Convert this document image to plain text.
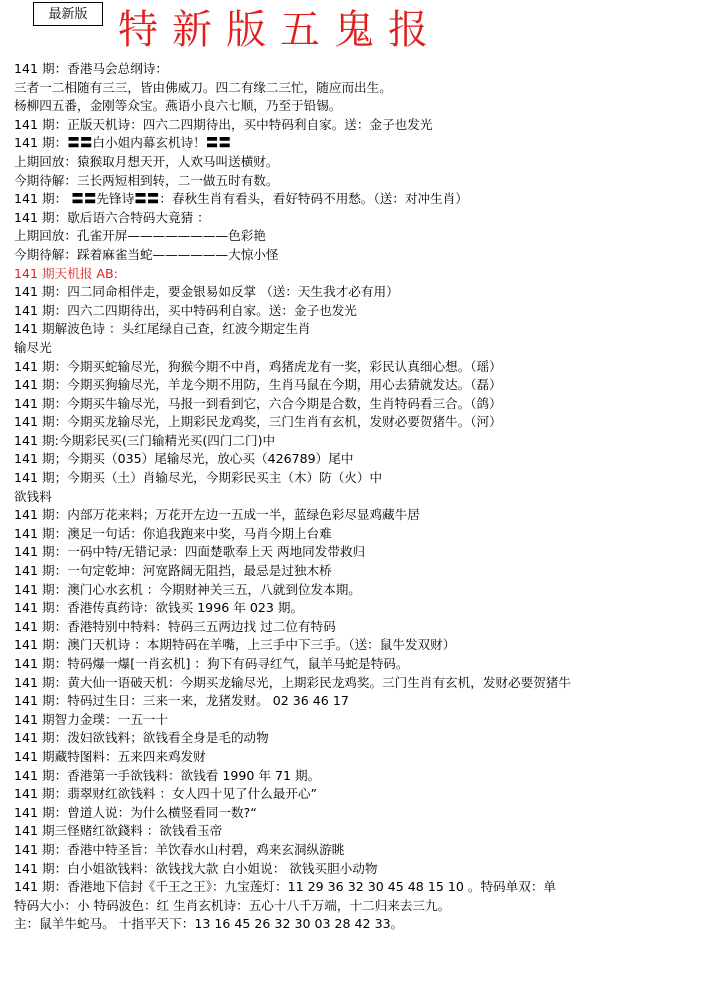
最新版 特新版五鬼报
141 期：香港马会总纲诗：
三者一二相随有三三，皆由佛威刀。四二有缘二三忙，随应而出生。
杨柳四五番，金刚等众宝。燕语小良六七顺，乃至于铅锡。
141 期：正版天机诗：四六二四期待出，买中特码利自家。送：金子也发光
141 期：〓〓白小姐内幕玄机诗！〓〓
上期回放：猿猴取月想天开，人欢马叫送横财。
今期待解：三长两短相到转，二一做五时有数。
141 期： 〓〓先锋诗〓〓：春秋生肖有看头，看好特码不用愁。（送：对冲生肖）
141 期：歇后语六合特码大竟猜 ：
上期回放：孔雀开屏————————色彩艳
今期待解：踩着麻雀当蛇——————大惊小怪
141 期天机报 AB:
141 期：四二同命相伴走，要金银易如反掌 （送：天生我才必有用）
141 期：四六二四期待出，买中特码利自家。送：金子也发光
141 期解波色诗 ：头红尾绿自己查，红波今期定生肖
输尽光
141 期：今期买蛇输尽光，狗猴今期不中肖，鸡猪虎龙有一奖，彩民认真细心想。（瑶）
141 期：今期买狗输尽光，羊龙今期不用防，生肖马鼠在今期，用心去猜就发达。（磊）
141 期：今期买牛输尽光，马报一到看到它，六合今期是合数，生肖特码看三合。（鸽）
141 期：今期买龙输尽光，上期彩民龙鸡奖，三门生肖有玄机，发财必要贺猪牛。（河）
141 期:今期彩民买(三门输精光买(四门二门)中
141 期；今期买（035）尾输尽光，放心买（426789）尾中
141 期；今期买（土）肖输尽光，今期彩民买主（木）防（火）中
欲钱料
141 期：内部万花来料；万花开左边一五成一半，蓝绿色彩尽显鸡藏牛居
141 期：澳足一句话：你追我跑来中奖，马肖今期上台难
141 期：一码中特/无错记录：四面楚歌奉上天 两地同发带救归
141 期：一句定乾坤：河宽路阔无阻挡，最忌是过独木桥
141 期：澳门心水玄机 ：今期财神关三五，八就到位发本期。
141 期：香港传真药诗：欲钱买 1996 年 023 期。
141 期：香港特别中特料：特码三五两边找 过二位有特码
141 期：澳门天机诗 ：本期特码在羊嘴，上三手中下三手。（送：鼠牛发双财）
141 期：特码爆一爆[一肖玄机] ：狗下有码寻红气，鼠羊马蛇是特码。
141 期：黄大仙一语破天机：今期买龙输尽光，上期彩民龙鸡奖。三门生肖有玄机，发财必要贺猪牛
141 期：特码过生日：三来一来，龙猪发财。 02 36 46 17
141 期智力金璞：一五一十
141 期：泼妇欲钱料；欲钱看全身是毛的动物
141 期藏特图料：五来四来鸡发财
141 期：香港第一手欲钱料：欲钱看 1990 年 71 期。
141 期：翡翠财红欲钱料 ：女人四十见了什么最开心”
141 期：曾道人说：为什么横竖看同一数?“
141 期三怪赌红欲錢料 ：欲钱看玉帝
141 期：香港中特圣旨：羊饮春水山村碧，鸡来玄洞纵游眺
141 期：白小姐欲钱料：欲钱找大款 白小姐说： 欲钱买胆小动物
141 期：香港地下信封《千王之王》：九宝莲灯：11 29 36 32 30 45 48 15 10 。特码单双：单
特码大小：小 特码波色：红 生肖玄机诗：五心十八千万端，十二归来去三九。
主：鼠羊牛蛇马。 十指平天下：13 16 45 26 32 30 03 28 42 33。
